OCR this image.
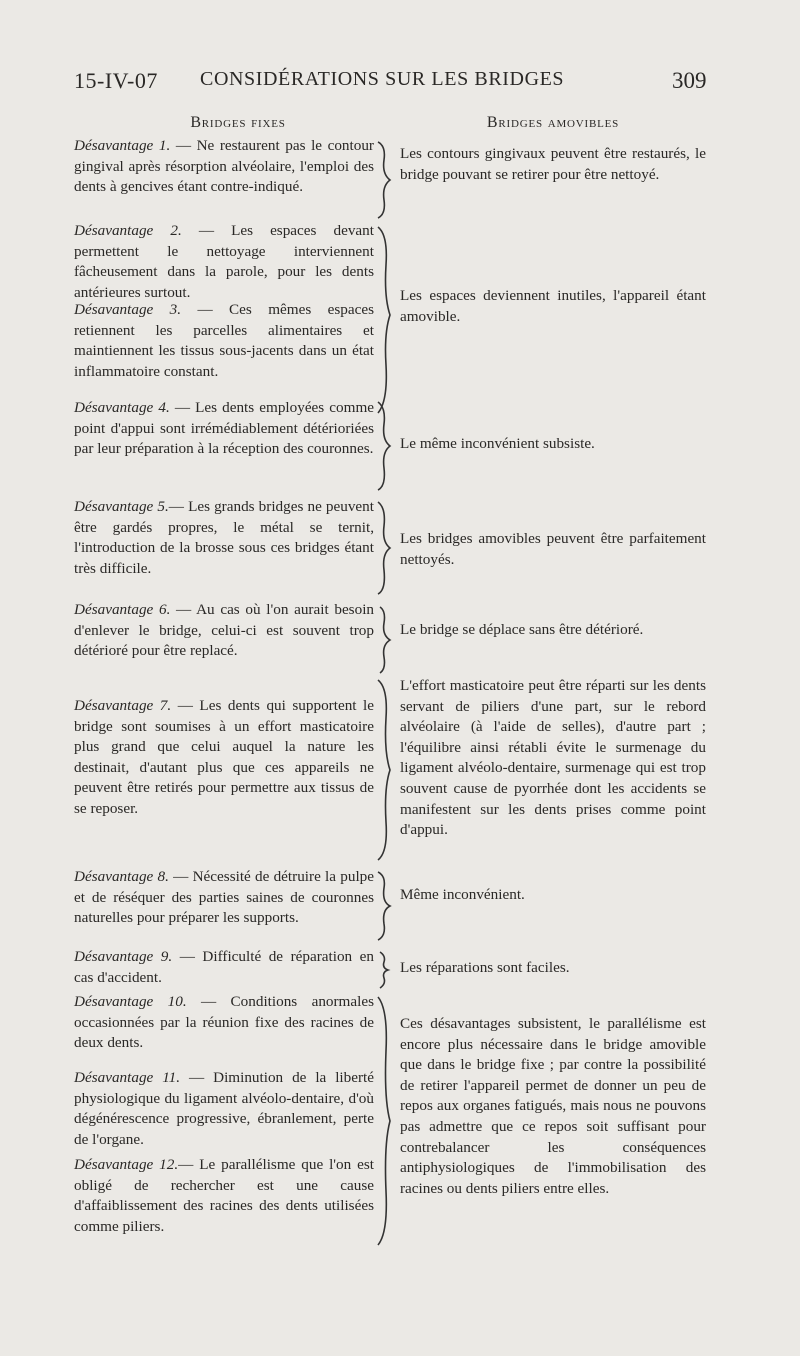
15-IV-07 CONSIDÉRATIONS SUR LES BRIDGES	309
Bridges fixes	Bridges amovibles
Désavantage 1. — Ne restaurent pas le contour gingival après résorption alvéolaire, l'emploi des dents à gencives étant contre-indiqué.
Les contours gingivaux peuvent être restaurés, le bridge pouvant se retirer pour être nettoyé.
Désavantage 2. — Les espaces devant permettent le nettoyage interviennent fâcheusement dans la parole, pour les dents antérieures surtout.
Désavantage 3. — Ces mêmes espaces retiennent les parcelles alimentaires et maintiennent les tissus sous-jacents dans un état inflammatoire constant.
Les espaces deviennent inutiles, l'appareil étant amovible.
Désavantage 4. — Les dents employées comme point d'appui sont irrémédiablement détérioriées par leur préparation à la réception des couronnes. Le même inconvénient subsiste.
Désavantage 5.— Les grands bridges ne peuvent être gardés propres, le métal se ternit, l'introduction de la brosse sous ces bridges étant très difficile.
Les bridges amovibles peuvent être parfaitement nettoyés.
Désavantage 6. — Au cas où l'on aurait besoin d'enlever le bridge, celui-ci est souvent trop détérioré pour être replacé.
Le bridge se déplace sans être détérioré.
Désavantage 7. — Les dents qui supportent le bridge sont soumises à un effort masticatoire plus grand que celui auquel la nature les destinait, d'autant plus que ces appareils ne peuvent être retirés pour permettre aux tissus de se reposer.
L'effort masticatoire peut être réparti sur les dents servant de piliers d'une part, sur le rebord alvéolaire (à l'aide de selles), d'autre part ; l'équilibre ainsi rétabli évite le surmenage du ligament alvéolo-dentaire, surmenage qui est trop souvent cause de pyorrhée dont les accidents se manifestent sur les dents prises comme point d'appui.
Désavantage 8. — Nécessité de détruire la pulpe et de réséquer des parties saines de couronnes naturelles pour préparer les supports.
Même inconvénient.
Désavantage 9. — Difficulté de réparation en cas d'accident.
Les réparations sont faciles.
Désavantage 10. — Conditions anormales occasionnées par la réunion fixe des racines de deux dents.
Désavantage 11. — Diminution de la liberté physiologique du ligament alvéolo-dentaire, d'où dégénérescence progressive, ébranlement, perte de l'organe.
Ces désavantages subsistent, le parallélisme est encore plus nécessaire dans le bridge amovible que dans le bridge fixe ; par contre la possibilité de retirer l'appareil permet de donner un peu de repos aux organes fatigués, mais nous ne pouvons pas admettre que ce repos soit suffisant pour contrebalancer les conséquences antiphysiologiques de l'immobilisation des racines ou dents piliers entre elles.
Désavantage 12.— Le parallélisme que l'on est obligé de rechercher est une cause d'affaiblissement des racines des dents utilisées comme piliers.
